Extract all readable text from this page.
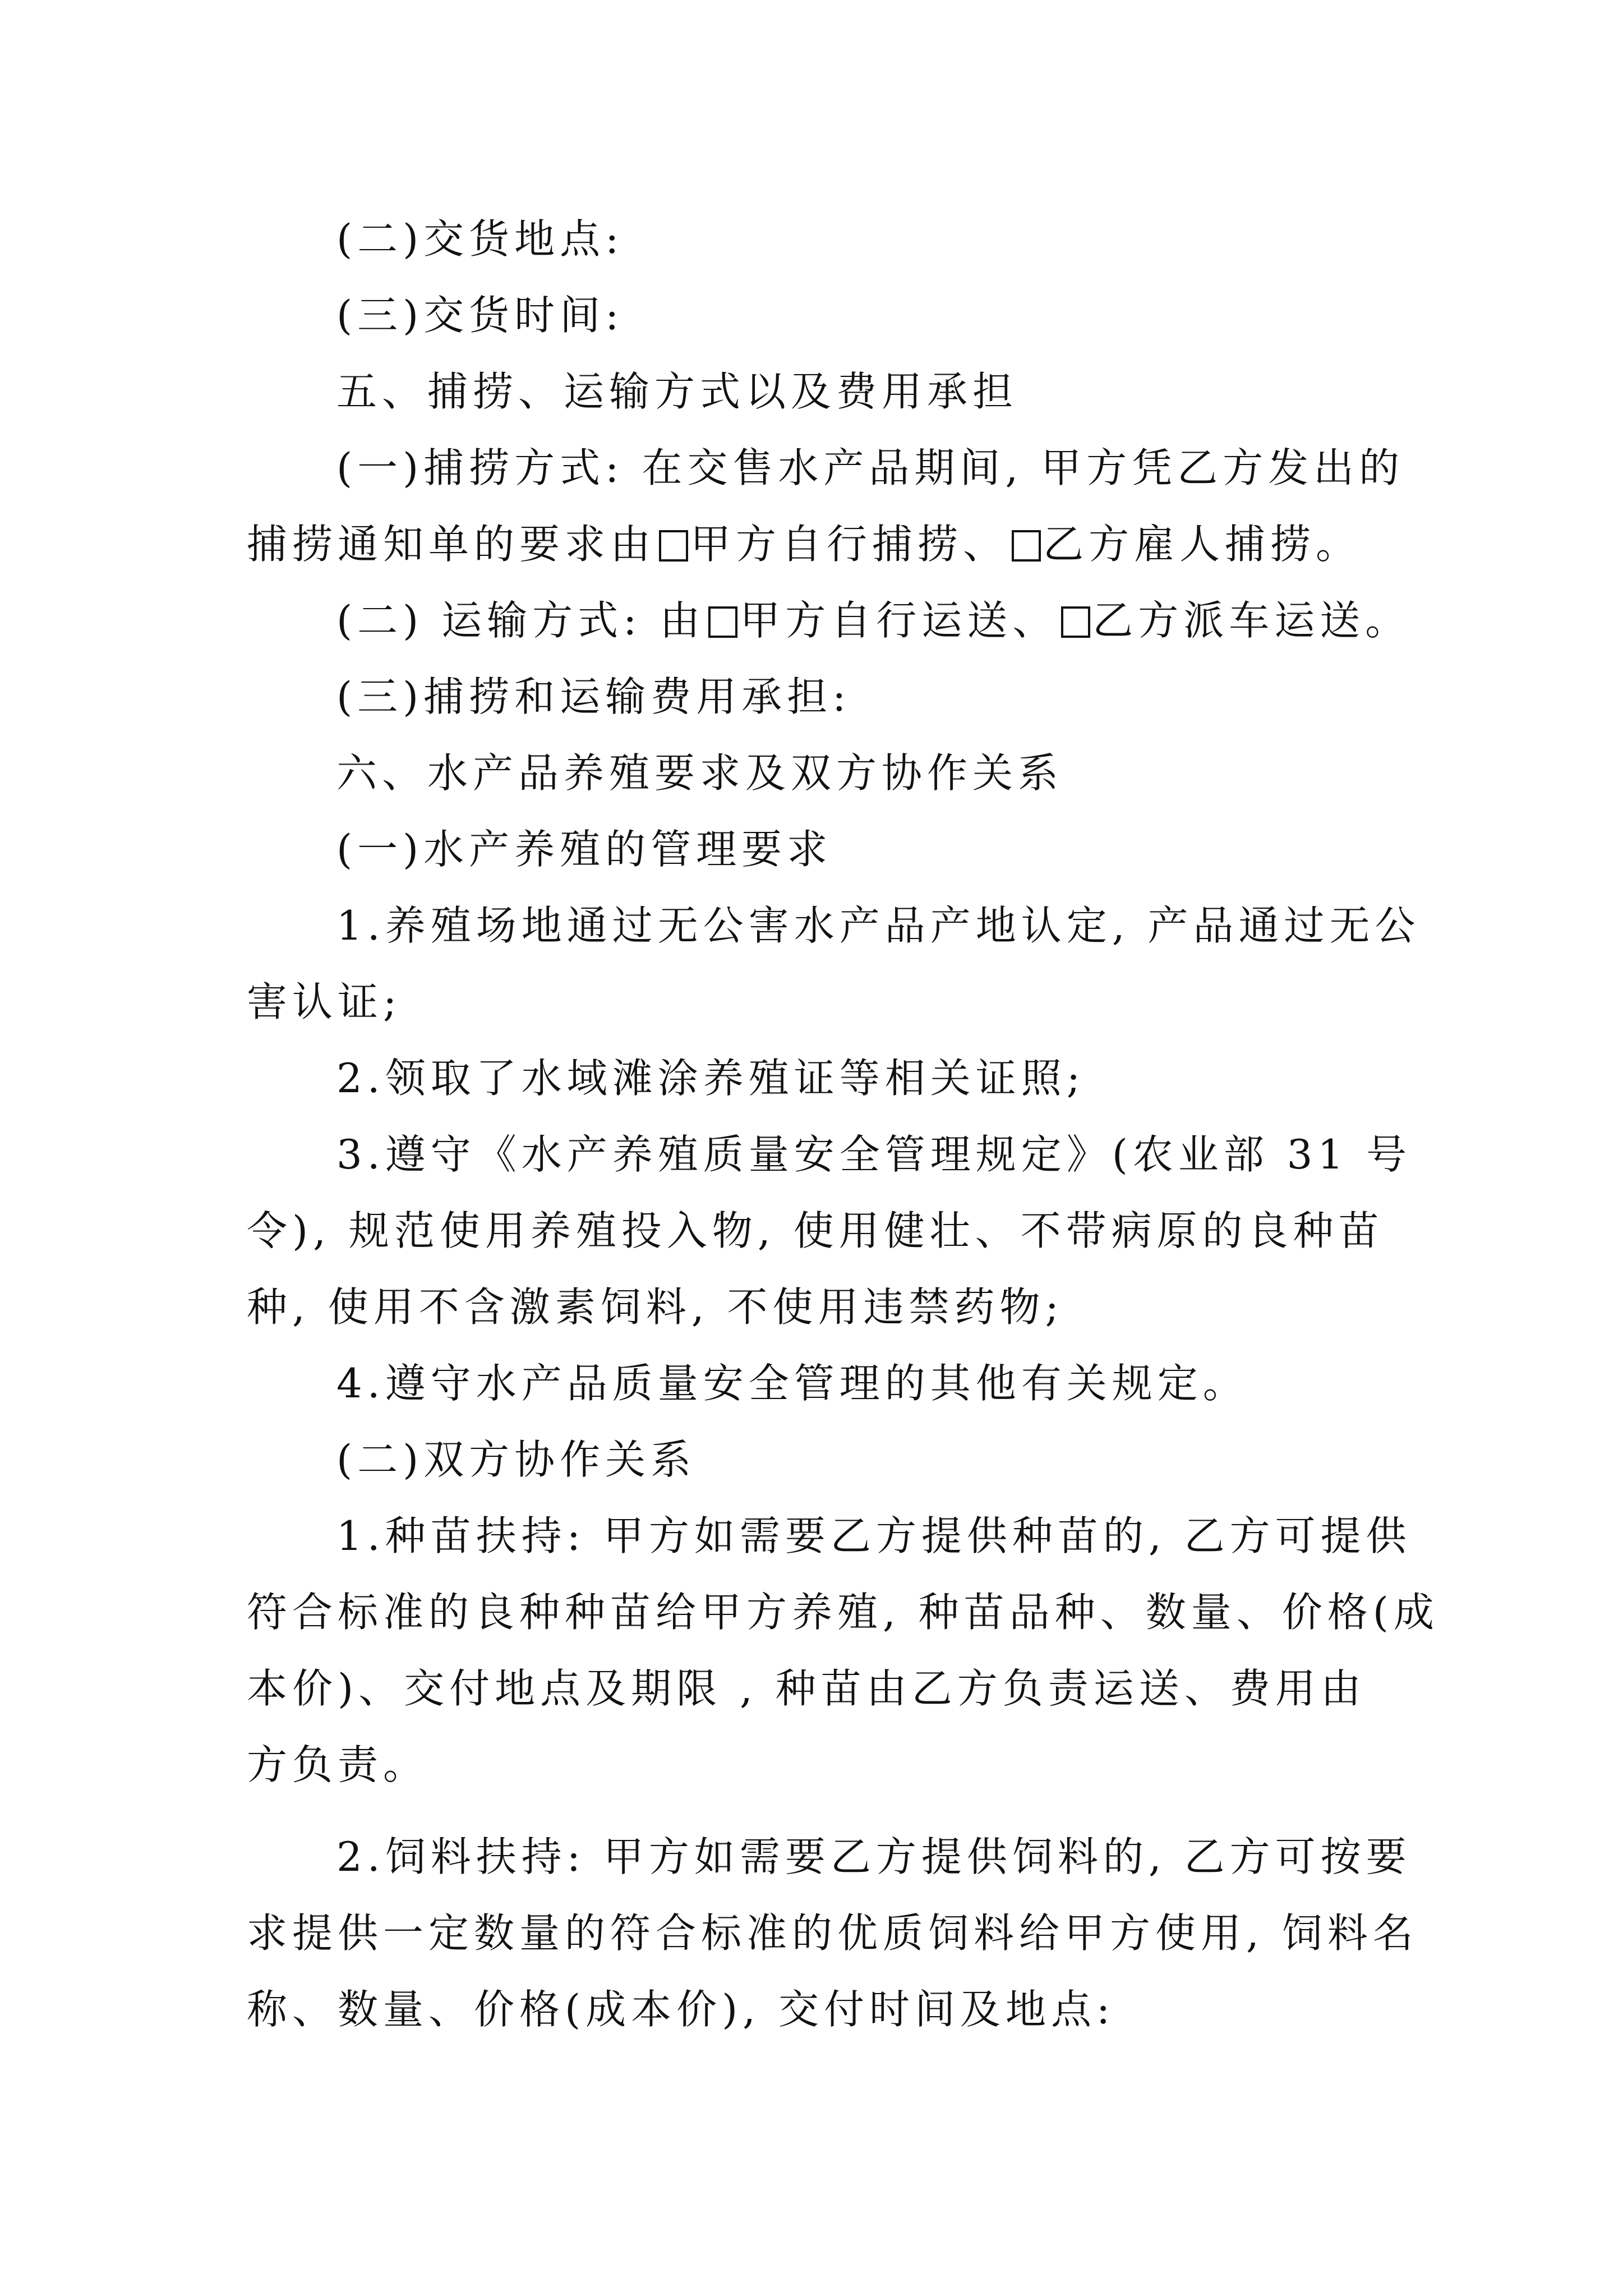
(二)交货地点:
(三)交货时间:
五、捕捞、运输方式以及费用承担
(一)捕捞方式: 在交售水产品期间, 甲方凭乙方发出的
捕捞通知单的要求由 甲方自行捕捞、 乙方雇人捕捞。
(二) 运输方式: 由 甲方自行运送、 乙方派车运送。
(三)捕捞和运输费用承担:
六、水产品养殖要求及双方协作关系
(一)水产养殖的管理要求
1.养殖场地通过无公害水产品产地认定, 产品通过无公
害认证;
2.领取了水域滩涂养殖证等相关证照;
3.遵守《水产养殖质量安全管理规定》(农业部 31 号
令), 规范使用养殖投入物, 使用健壮、不带病原的良种苗
种, 使用不含激素饲料, 不使用违禁药物;
4.遵守水产品质量安全管理的其他有关规定。
(二)双方协作关系
1.种苗扶持: 甲方如需要乙方提供种苗的, 乙方可提供
符合标准的良种种苗给甲方养殖, 种苗品种、数量、价格(成
本价)、交付地点及期限 , 种苗由乙方负责运送、费用由
方负责。
2.饲料扶持: 甲方如需要乙方提供饲料的, 乙方可按要
求提供一定数量的符合标准的优质饲料给甲方使用, 饲料名
称、数量、价格(成本价), 交付时间及地点:
